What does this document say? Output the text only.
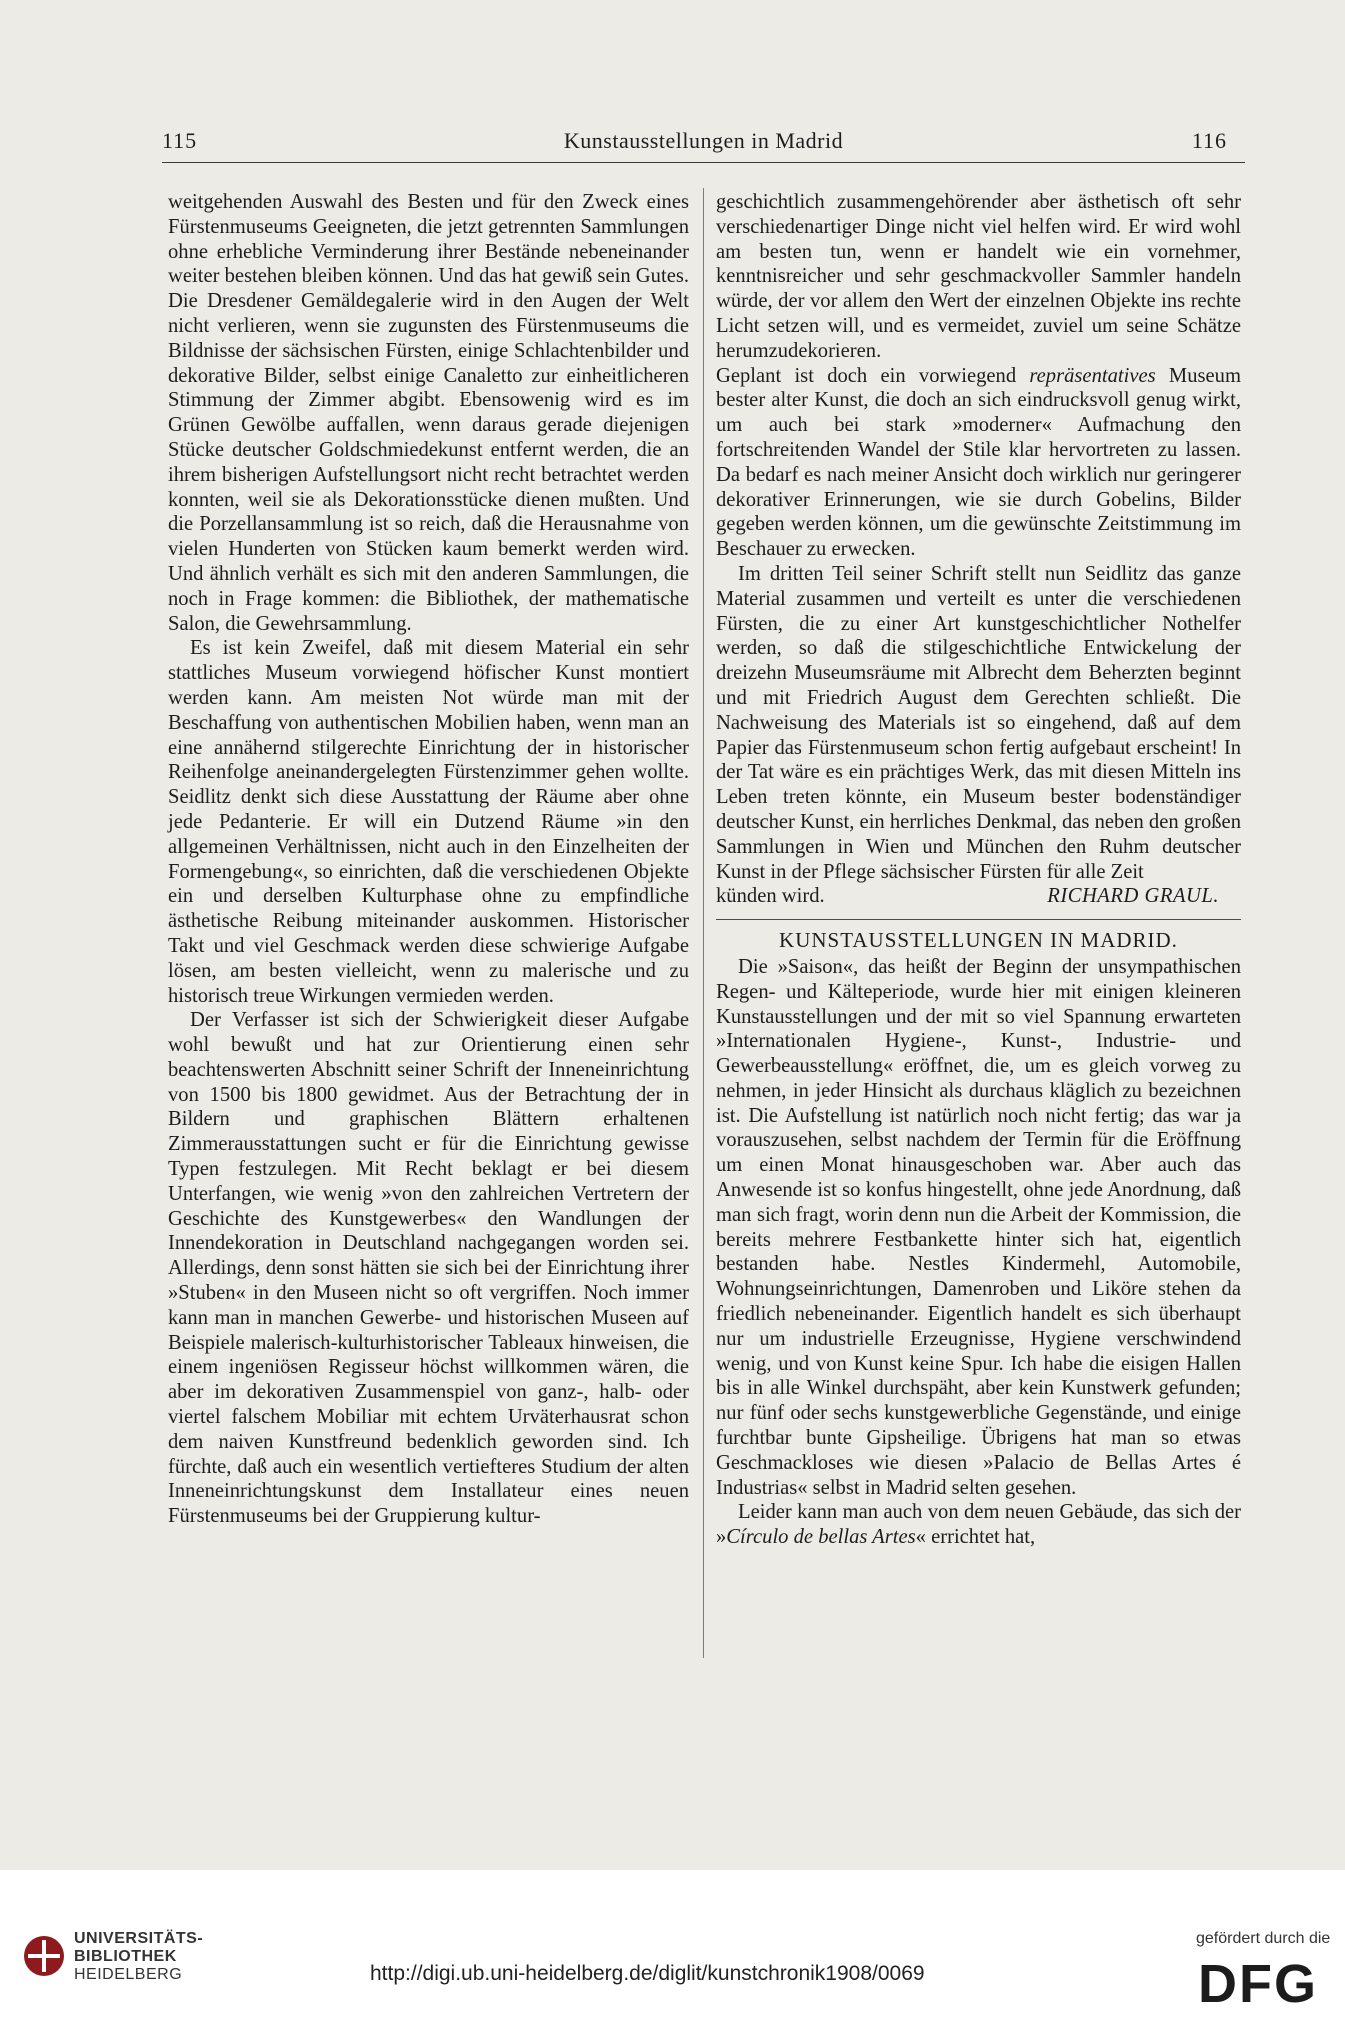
115	Kunstausstellungen in Madrid	116

weitgehenden Auswahl des Besten und für den Zweck eines Fürstenmuseums Geeigneten, die jetzt getrennten Sammlungen ohne erhebliche Verminderung ihrer Bestände nebeneinander weiter bestehen bleiben können. Und das hat gewiß sein Gutes. Die Dresdener Gemäldegalerie wird in den Augen der Welt nicht verlieren, wenn sie zugunsten des Fürstenmuseums die Bildnisse der sächsischen Fürsten, einige Schlachtenbilder und dekorative Bilder, selbst einige Canaletto zur einheitlicheren Stimmung der Zimmer abgibt. Ebensowenig wird es im Grünen Gewölbe auffallen, wenn daraus gerade diejenigen Stücke deutscher Goldschmiedekunst entfernt werden, die an ihrem bisherigen Aufstellungsort nicht recht betrachtet werden konnten, weil sie als Dekorationsstücke dienen mußten. Und die Porzellansammlung ist so reich, daß die Herausnahme von vielen Hunderten von Stücken kaum bemerkt werden wird. Und ähnlich verhält es sich mit den anderen Sammlungen, die noch in Frage kommen: die Bibliothek, der mathematische Salon, die Gewehrsammlung.

Es ist kein Zweifel, daß mit diesem Material ein sehr stattliches Museum vorwiegend höfischer Kunst montiert werden kann. Am meisten Not würde man mit der Beschaffung von authentischen Mobilien haben, wenn man an eine annähernd stilgerechte Einrichtung der in historischer Reihenfolge aneinandergelegten Fürstenzimmer gehen wollte. Seidlitz denkt sich diese Ausstattung der Räume aber ohne jede Pedanterie. Er will ein Dutzend Räume »in den allgemeinen Verhältnissen, nicht auch in den Einzelheiten der Formengebung«, so einrichten, daß die verschiedenen Objekte ein und derselben Kulturphase ohne zu empfindliche ästhetische Reibung miteinander auskommen. Historischer Takt und viel Geschmack werden diese schwierige Aufgabe lösen, am besten vielleicht, wenn zu malerische und zu historisch treue Wirkungen vermieden werden.

Der Verfasser ist sich der Schwierigkeit dieser Aufgabe wohl bewußt und hat zur Orientierung einen sehr beachtenswerten Abschnitt seiner Schrift der Inneneinrichtung von 1500 bis 1800 gewidmet. Aus der Betrachtung der in Bildern und graphischen Blättern erhaltenen Zimmerausstattungen sucht er für die Einrichtung gewisse Typen festzulegen. Mit Recht beklagt er bei diesem Unterfangen, wie wenig »von den zahlreichen Vertretern der Geschichte des Kunstgewerbes« den Wandlungen der Innendekoration in Deutschland nachgegangen worden sei. Allerdings, denn sonst hätten sie sich bei der Einrichtung ihrer »Stuben« in den Museen nicht so oft vergriffen. Noch immer kann man in manchen Gewerbe- und historischen Museen auf Beispiele malerisch-kulturhistorischer Tableaux hinweisen, die einem ingeniösen Regisseur höchst willkommen wären, die aber im dekorativen Zusammenspiel von ganz-, halb- oder viertel falschem Mobiliar mit echtem Urväterhausrat schon dem naiven Kunstfreund bedenklich geworden sind. Ich fürchte, daß auch ein wesentlich vertiefteres Studium der alten Inneneinrichtungskunst dem Installateur eines neuen Fürstenmuseums bei der Gruppierung kultur-

geschichtlich zusammengehörender aber ästhetisch oft sehr verschiedenartiger Dinge nicht viel helfen wird. Er wird wohl am besten tun, wenn er handelt wie ein vornehmer, kenntnisreicher und sehr geschmackvoller Sammler handeln würde, der vor allem den Wert der einzelnen Objekte ins rechte Licht setzen will, und es vermeidet, zuviel um seine Schätze herumzudekorieren.

Geplant ist doch ein vorwiegend repräsentatives Museum bester alter Kunst, die doch an sich eindrucksvoll genug wirkt, um auch bei stark »moderner« Aufmachung den fortschreitenden Wandel der Stile klar hervortreten zu lassen. Da bedarf es nach meiner Ansicht doch wirklich nur geringerer dekorativer Erinnerungen, wie sie durch Gobelins, Bilder gegeben werden können, um die gewünschte Zeitstimmung im Beschauer zu erwecken.

Im dritten Teil seiner Schrift stellt nun Seidlitz das ganze Material zusammen und verteilt es unter die verschiedenen Fürsten, die zu einer Art kunstgeschichtlicher Nothelfer werden, so daß die stilgeschichtliche Entwickelung der dreizehn Museumsräume mit Albrecht dem Beherzten beginnt und mit Friedrich August dem Gerechten schließt. Die Nachweisung des Materials ist so eingehend, daß auf dem Papier das Fürstenmuseum schon fertig aufgebaut erscheint! In der Tat wäre es ein prächtiges Werk, das mit diesen Mitteln ins Leben treten könnte, ein Museum bester bodenständiger deutscher Kunst, ein herrliches Denkmal, das neben den großen Sammlungen in Wien und München den Ruhm deutscher Kunst in der Pflege sächsischer Fürsten für alle Zeit

künden wird.	RICHARD GRAUL.

KUNSTAUSSTELLUNGEN IN MADRID.

Die »Saison«, das heißt der Beginn der unsympathischen Regen- und Kälteperiode, wurde hier mit einigen kleineren Kunstausstellungen und der mit so viel Spannung erwarteten »Internationalen Hygiene-, Kunst-, Industrie- und Gewerbeausstellung« eröffnet, die, um es gleich vorweg zu nehmen, in jeder Hinsicht als durchaus kläglich zu bezeichnen ist. Die Aufstellung ist natürlich noch nicht fertig; das war ja vorauszusehen, selbst nachdem der Termin für die Eröffnung um einen Monat hinausgeschoben war. Aber auch das Anwesende ist so konfus hingestellt, ohne jede Anordnung, daß man sich fragt, worin denn nun die Arbeit der Kommission, die bereits mehrere Festbankette hinter sich hat, eigentlich bestanden habe. Nestles Kindermehl, Automobile, Wohnungseinrichtungen, Damenroben und Liköre stehen da friedlich nebeneinander. Eigentlich handelt es sich überhaupt nur um industrielle Erzeugnisse, Hygiene verschwindend wenig, und von Kunst keine Spur. Ich habe die eisigen Hallen bis in alle Winkel durchspäht, aber kein Kunstwerk gefunden; nur fünf oder sechs kunstgewerbliche Gegenstände, und einige furchtbar bunte Gipsheilige. Übrigens hat man so etwas Geschmackloses wie diesen »Palacio de Bellas Artes é Industrias« selbst in Madrid selten gesehen.

Leider kann man auch von dem neuen Gebäude, das sich der »Círculo de bellas Artes« errichtet hat,

UNIVERSITÄTS-
BIBLIOTHEK
HEIDELBERG	http://digi.ub.uni-heidelberg.de/diglit/kunstchronik1908/0069
gefördert durch die
DFG
